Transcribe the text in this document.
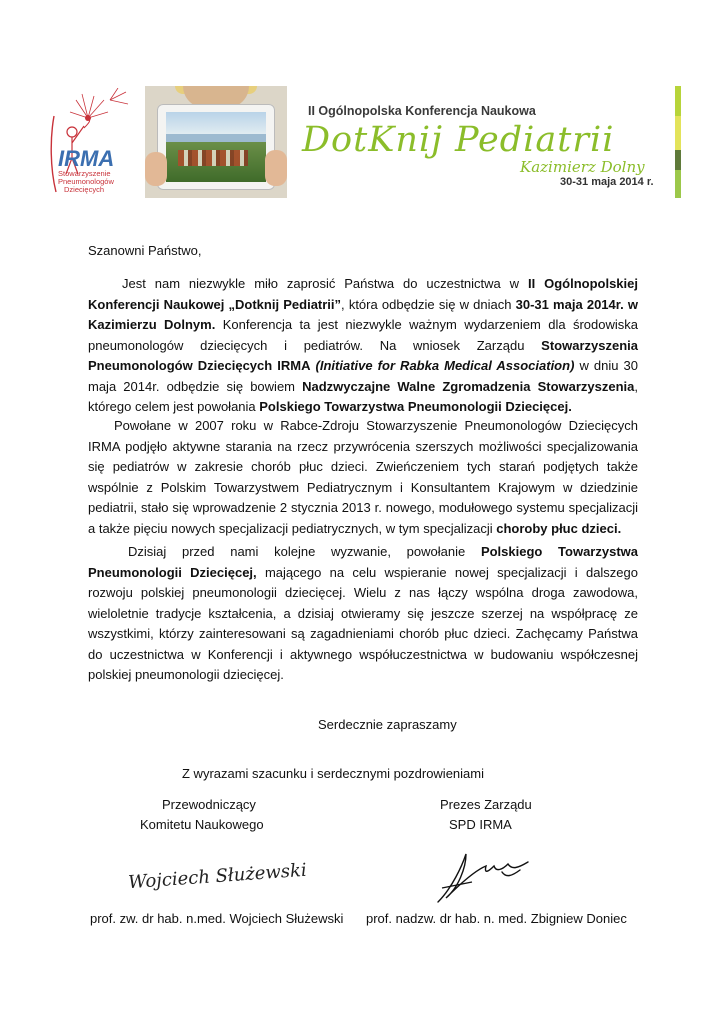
IRMA
Stowarzyszenie
Pneumonologów
Dziecięcych
II Ogólnopolska Konferencja Naukowa
DotKnij Pediatrii
Kazimierz Dolny
30-31 maja 2014 r.
Szanowni Państwo,
Jest nam niezwykle miło zaprosić Państwa do uczestnictwa w II Ogólnopolskiej Konferencji Naukowej „Dotknij Pediatrii”, która odbędzie się w dniach 30-31 maja 2014r. w Kazimierzu Dolnym. Konferencja ta jest niezwykle ważnym wydarzeniem dla środowiska pneumonologów dziecięcych i pediatrów. Na wniosek Zarządu Stowarzyszenia Pneumonologów Dziecięcych IRMA (Initiative for Rabka Medical Association) w dniu 30 maja 2014r. odbędzie się bowiem Nadzwyczajne Walne Zgromadzenia Stowarzyszenia, którego celem jest powołania Polskiego Towarzystwa Pneumonologii Dziecięcej.
Powołane w 2007 roku w Rabce-Zdroju Stowarzyszenie Pneumonologów Dziecięcych IRMA podjęło aktywne starania na rzecz przywrócenia szerszych możliwości specjalizowania się pediatrów w zakresie chorób płuc dzieci. Zwieńczeniem tych starań podjętych także wspólnie z Polskim Towarzystwem Pediatrycznym i Konsultantem Krajowym w dziedzinie pediatrii, stało się wprowadzenie 2 stycznia 2013 r. nowego, modułowego systemu specjalizacji a także pięciu nowych specjalizacji pediatrycznych, w tym specjalizacji choroby płuc dzieci.
Dzisiaj przed nami kolejne wyzwanie, powołanie Polskiego Towarzystwa Pneumonologii Dziecięcej, mającego na celu wspieranie nowej specjalizacji i dalszego rozwoju polskiej pneumonologii dziecięcej. Wielu z nas łączy wspólna droga zawodowa, wieloletnie tradycje kształcenia, a dzisiaj otwieramy się jeszcze szerzej na współpracę ze wszystkimi, którzy zainteresowani są zagadnieniami chorób płuc dzieci. Zachęcamy Państwa do uczestnictwa w Konferencji i aktywnego współuczestnictwa w budowaniu współczesnej polskiej pneumonologii dziecięcej.
Serdecznie zapraszamy
Z wyrazami szacunku i serdecznymi pozdrowieniami
Przewodniczący
Komitetu Naukowego
Wojciech Służewski
prof. zw. dr hab. n.med. Wojciech Służewski
Prezes Zarządu
SPD IRMA
prof. nadzw. dr hab. n. med. Zbigniew Doniec
